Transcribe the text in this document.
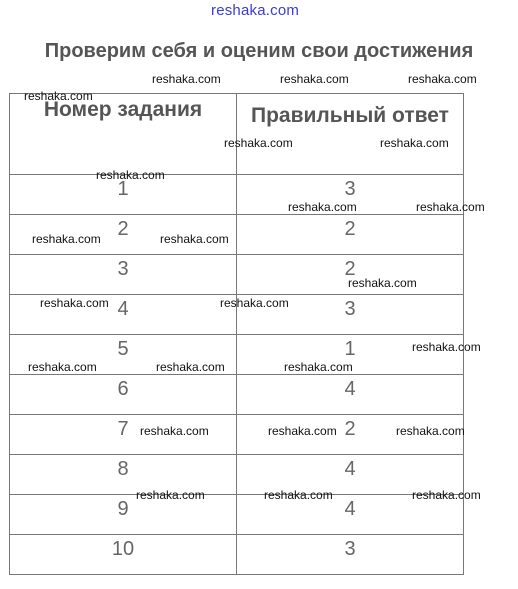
reshaka.com
Проверим себя и оценим свои достижения
Номер задания	Правильный ответ

1	3
2	2
3	2
4	3
5	1
6	4
7	2
8	4
9	4
10	3
reshaka.com	reshaka.com	reshaka.com
reshaka.com
reshaka.com	reshaka.com
reshaka.com
reshaka.com	reshaka.com
reshaka.com	reshaka.com
reshaka.com
reshaka.com	reshaka.com
reshaka.com
reshaka.com	reshaka.com	reshaka.com
reshaka.com	reshaka.com	reshaka.com
reshaka.com	reshaka.com	reshaka.com
